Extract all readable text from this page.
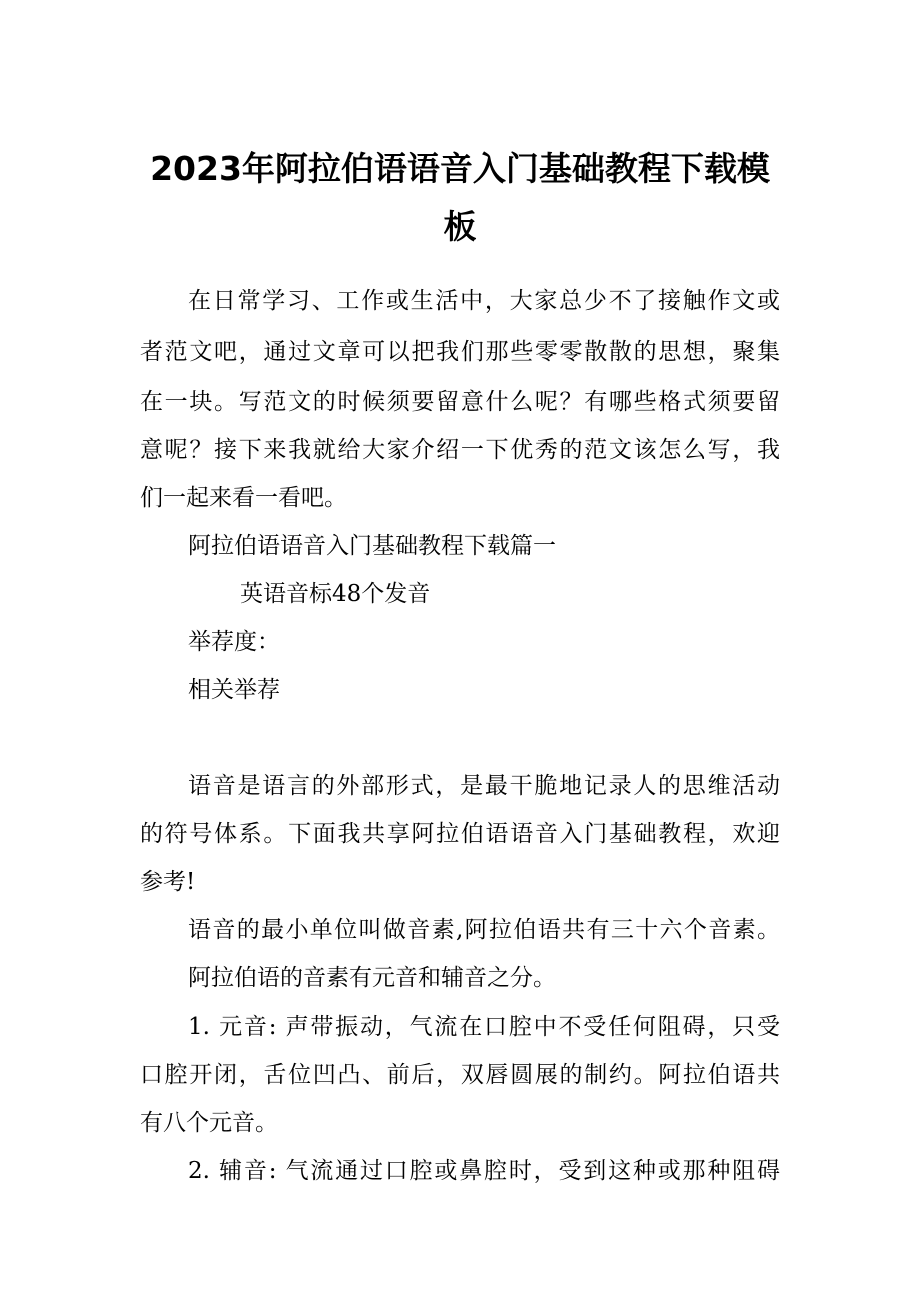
2023年阿拉伯语语音入门基础教程下载模
板
在日常学习、工作或生活中，大家总少不了接触作文或
者范文吧，通过文章可以把我们那些零零散散的思想，聚集
在一块。写范文的时候须要留意什么呢？有哪些格式须要留
意呢？接下来我就给大家介绍一下优秀的范文该怎么写，我
们一起来看一看吧。
阿拉伯语语音入门基础教程下载篇一
英语音标48个发音
举荐度：
相关举荐
语音是语言的外部形式，是最干脆地记录人的思维活动
的符号体系。下面我共享阿拉伯语语音入门基础教程，欢迎
参考!
语音的最小单位叫做音素,阿拉伯语共有三十六个音素。
阿拉伯语的音素有元音和辅音之分。
1. 元音: 声带振动，气流在口腔中不受任何阻碍，只受
口腔开闭，舌位凹凸、前后，双唇圆展的制约。阿拉伯语共
有八个元音。
2. 辅音: 气流通过口腔或鼻腔时，受到这种或那种阻碍
